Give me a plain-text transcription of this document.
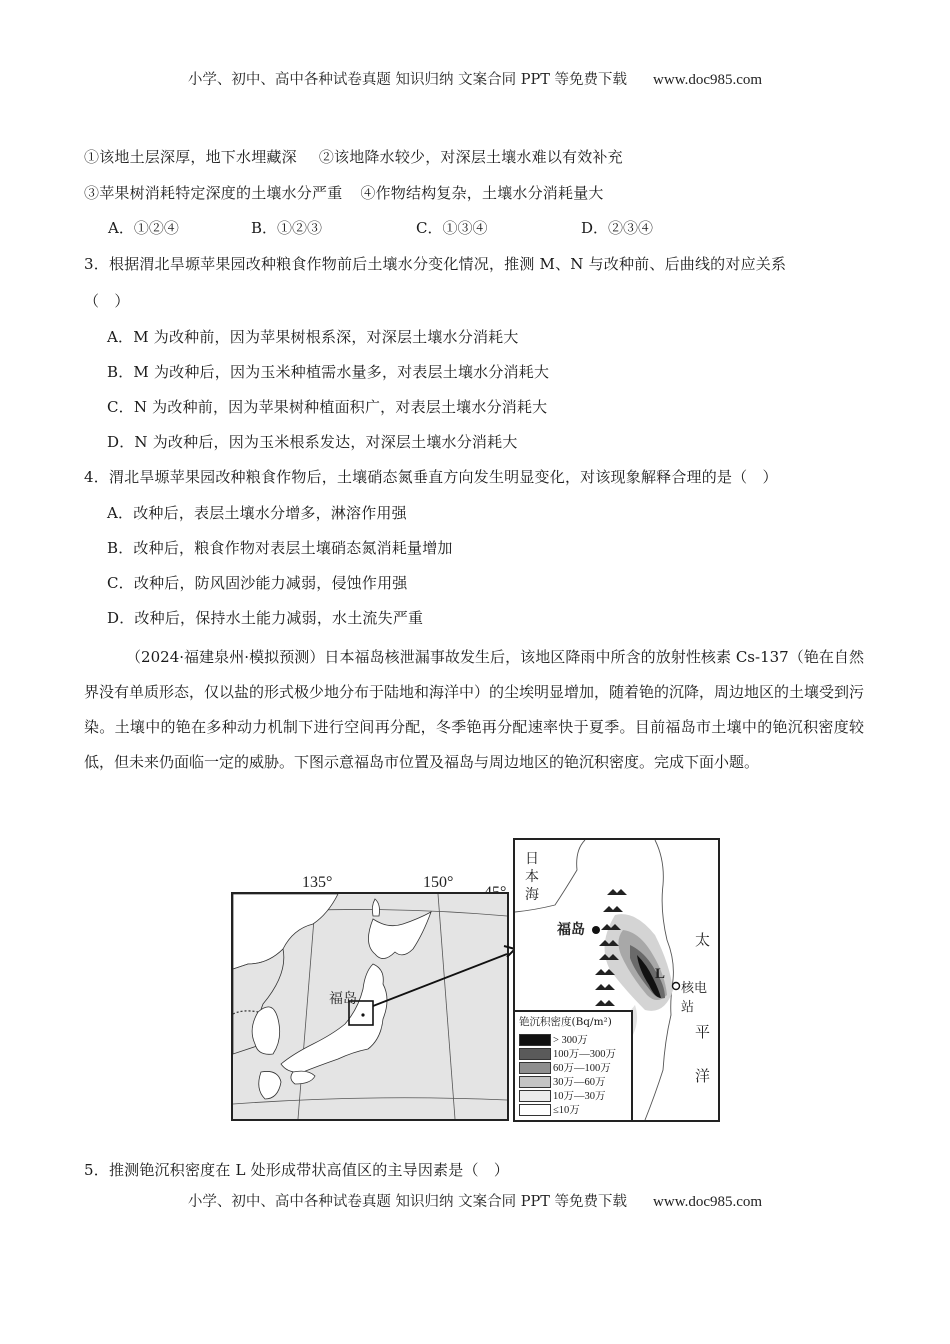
小学、初中、高中各种试卷真题 知识归纳 文案合同 PPT 等免费下载 www.doc985.com
①该地土层深厚，地下水埋藏深 ②该地降水较少，对深层土壤水难以有效补充
③苹果树消耗特定深度的土壤水分严重 ④作物结构复杂，土壤水分消耗量大
A．①②④	B．①②③	C．①③④	D．②③④
3．根据渭北旱塬苹果园改种粮食作物前后土壤水分变化情况，推测 M、N 与改种前、后曲线的对应关系
（　）
A．M 为改种前，因为苹果树根系深，对深层土壤水分消耗大
B．M 为改种后，因为玉米种植需水量多，对表层土壤水分消耗大
C．N 为改种前，因为苹果树种植面积广，对表层土壤水分消耗大
D．N 为改种后，因为玉米根系发达，对深层土壤水分消耗大
4．渭北旱塬苹果园改种粮食作物后，土壤硝态氮垂直方向发生明显变化，对该现象解释合理的是（　）
A．改种后，表层土壤水分增多，淋溶作用强
B．改种后，粮食作物对表层土壤硝态氮消耗量增加
C．改种后，防风固沙能力减弱，侵蚀作用强
D．改种后，保持水土能力减弱，水土流失严重
（2024·福建泉州·模拟预测）日本福岛核泄漏事故发生后，该地区降雨中所含的放射性核素 Cs-137（铯在自然界没有单质形态，仅以盐的形式极少地分布于陆地和海洋中）的尘埃明显增加，随着铯的沉降，周边地区的土壤受到污染。土壤中的铯在多种动力机制下进行空间再分配，冬季铯再分配速率快于夏季。目前福岛市土壤中的铯沉积密度较低，但未来仍面临一定的威胁。下图示意福岛市位置及福岛与周边地区的铯沉积密度。完成下面小题。
135°	150°
福岛
日本海
福岛
L
核电站
太
平
洋
铯沉积密度(Bq/m²)
> 300万
100万—300万
60万—100万
30万—60万
10万—30万
≤10万
5．推测铯沉积密度在 L 处形成带状高值区的主导因素是（　）
小学、初中、高中各种试卷真题 知识归纳 文案合同 PPT 等免费下载 www.doc985.com
